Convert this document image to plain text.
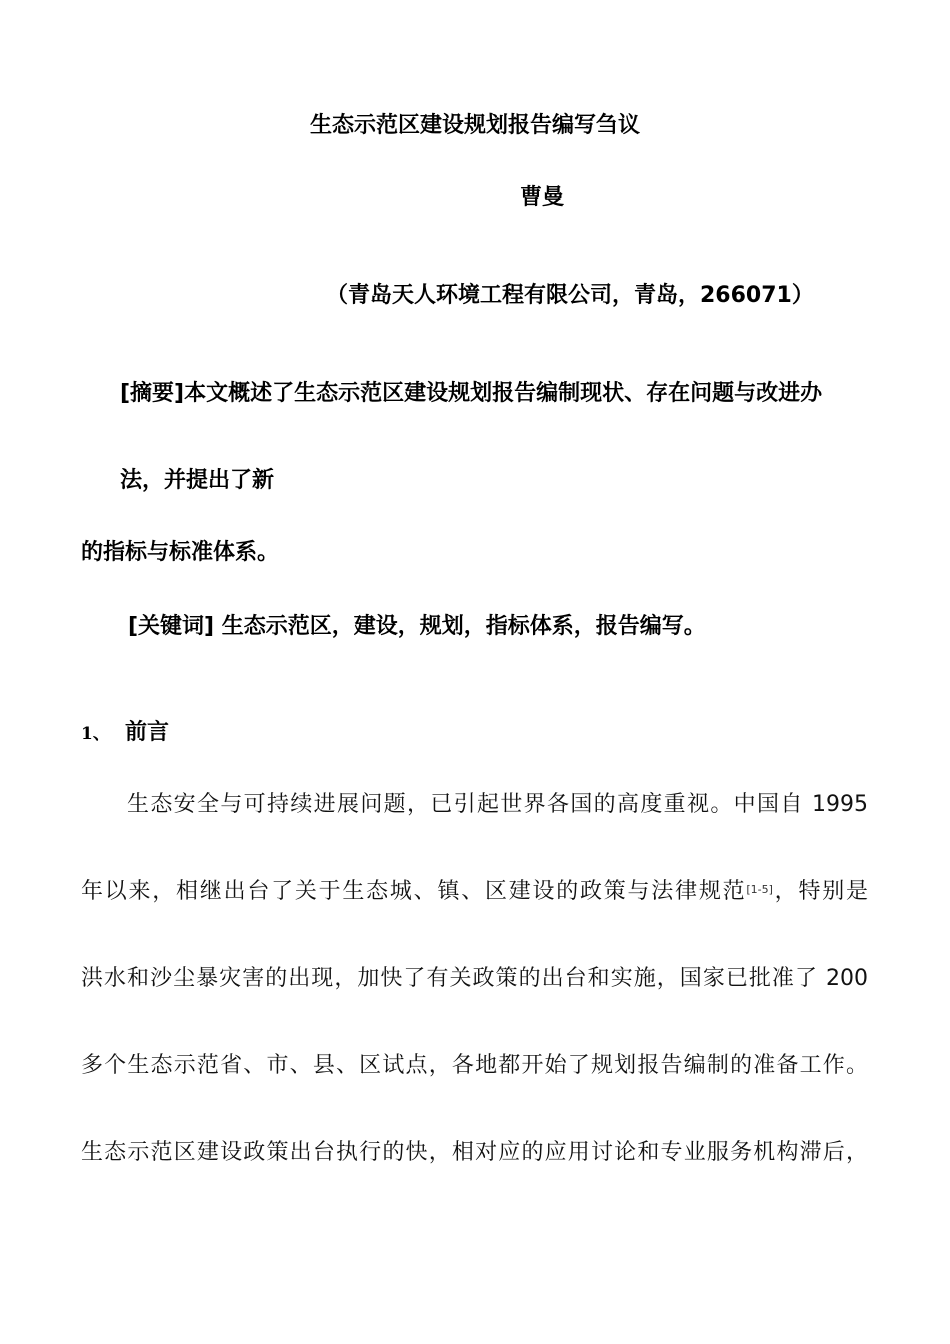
生态示范区建设规划报告编写刍议
曹曼
（青岛天人环境工程有限公司，青岛，266071）
[摘要]本文概述了生态示范区建设规划报告编制现状、存在问题与改进办
法，并提出了新
的指标与标准体系。
[关键词] 生态示范区，建设，规划，指标体系，报告编写。
1、 前言
生态安全与可持续进展问题，已引起世界各国的高度重视。中国自 1995
年以来，相继出台了关于生态城、镇、区建设的政策与法律规范[1-5]，特别是
洪水和沙尘暴灾害的出现，加快了有关政策的出台和实施，国家已批准了 200
多个生态示范省、市、县、区试点，各地都开始了规划报告编制的准备工作。
生态示范区建设政策出台执行的快，相对应的应用讨论和专业服务机构滞后，
